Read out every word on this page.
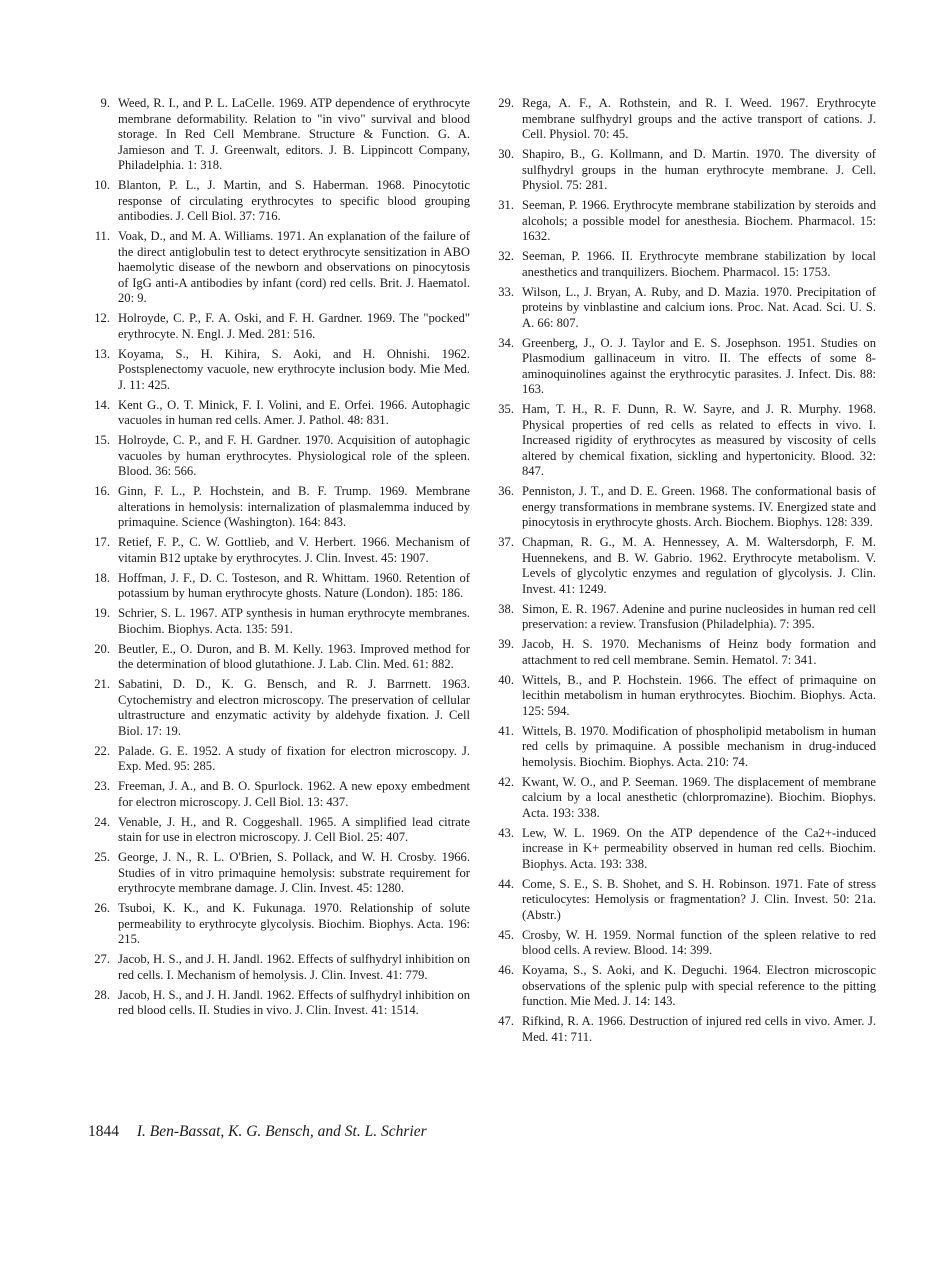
9. Weed, R. I., and P. L. LaCelle. 1969. ATP dependence of erythrocyte membrane deformability. Relation to "in vivo" survival and blood storage. In Red Cell Membrane. Structure & Function. G. A. Jamieson and T. J. Greenwalt, editors. J. B. Lippincott Company, Philadelphia. 1: 318.
10. Blanton, P. L., J. Martin, and S. Haberman. 1968. Pinocytotic response of circulating erythrocytes to specific blood grouping antibodies. J. Cell Biol. 37: 716.
11. Voak, D., and M. A. Williams. 1971. An explanation of the failure of the direct antiglobulin test to detect erythrocyte sensitization in ABO haemolytic disease of the newborn and observations on pinocytosis of IgG anti-A antibodies by infant (cord) red cells. Brit. J. Haematol. 20: 9.
12. Holroyde, C. P., F. A. Oski, and F. H. Gardner. 1969. The "pocked" erythrocyte. N. Engl. J. Med. 281: 516.
13. Koyama, S., H. Kihira, S. Aoki, and H. Ohnishi. 1962. Postsplenectomy vacuole, new erythrocyte inclusion body. Mie Med. J. 11: 425.
14. Kent G., O. T. Minick, F. I. Volini, and E. Orfei. 1966. Autophagic vacuoles in human red cells. Amer. J. Pathol. 48: 831.
15. Holroyde, C. P., and F. H. Gardner. 1970. Acquisition of autophagic vacuoles by human erythrocytes. Physiological role of the spleen. Blood. 36: 566.
16. Ginn, F. L., P. Hochstein, and B. F. Trump. 1969. Membrane alterations in hemolysis: internalization of plasmalemma induced by primaquine. Science (Washington). 164: 843.
17. Retief, F. P., C. W. Gottlieb, and V. Herbert. 1966. Mechanism of vitamin B12 uptake by erythrocytes. J. Clin. Invest. 45: 1907.
18. Hoffman, J. F., D. C. Tosteson, and R. Whittam. 1960. Retention of potassium by human erythrocyte ghosts. Nature (London). 185: 186.
19. Schrier, S. L. 1967. ATP synthesis in human erythrocyte membranes. Biochim. Biophys. Acta. 135: 591.
20. Beutler, E., O. Duron, and B. M. Kelly. 1963. Improved method for the determination of blood glutathione. J. Lab. Clin. Med. 61: 882.
21. Sabatini, D. D., K. G. Bensch, and R. J. Barrnett. 1963. Cytochemistry and electron microscopy. The preservation of cellular ultrastructure and enzymatic activity by aldehyde fixation. J. Cell Biol. 17: 19.
22. Palade. G. E. 1952. A study of fixation for electron microscopy. J. Exp. Med. 95: 285.
23. Freeman, J. A., and B. O. Spurlock. 1962. A new epoxy embedment for electron microscopy. J. Cell Biol. 13: 437.
24. Venable, J. H., and R. Coggeshall. 1965. A simplified lead citrate stain for use in electron microscopy. J. Cell Biol. 25: 407.
25. George, J. N., R. L. O'Brien, S. Pollack, and W. H. Crosby. 1966. Studies of in vitro primaquine hemolysis: substrate requirement for erythrocyte membrane damage. J. Clin. Invest. 45: 1280.
26. Tsuboi, K. K., and K. Fukunaga. 1970. Relationship of solute permeability to erythrocyte glycolysis. Biochim. Biophys. Acta. 196: 215.
27. Jacob, H. S., and J. H. Jandl. 1962. Effects of sulfhydryl inhibition on red cells. I. Mechanism of hemolysis. J. Clin. Invest. 41: 779.
28. Jacob, H. S., and J. H. Jandl. 1962. Effects of sulfhydryl inhibition on red blood cells. II. Studies in vivo. J. Clin. Invest. 41: 1514.
29. Rega, A. F., A. Rothstein, and R. I. Weed. 1967. Erythrocyte membrane sulfhydryl groups and the active transport of cations. J. Cell. Physiol. 70: 45.
30. Shapiro, B., G. Kollmann, and D. Martin. 1970. The diversity of sulfhydryl groups in the human erythrocyte membrane. J. Cell. Physiol. 75: 281.
31. Seeman, P. 1966. Erythrocyte membrane stabilization by steroids and alcohols; a possible model for anesthesia. Biochem. Pharmacol. 15: 1632.
32. Seeman, P. 1966. II. Erythrocyte membrane stabilization by local anesthetics and tranquilizers. Biochem. Pharmacol. 15: 1753.
33. Wilson, L., J. Bryan, A. Ruby, and D. Mazia. 1970. Precipitation of proteins by vinblastine and calcium ions. Proc. Nat. Acad. Sci. U. S. A. 66: 807.
34. Greenberg, J., O. J. Taylor and E. S. Josephson. 1951. Studies on Plasmodium gallinaceum in vitro. II. The effects of some 8-aminoquinolines against the erythrocytic parasites. J. Infect. Dis. 88: 163.
35. Ham, T. H., R. F. Dunn, R. W. Sayre, and J. R. Murphy. 1968. Physical properties of red cells as related to effects in vivo. I. Increased rigidity of erythrocytes as measured by viscosity of cells altered by chemical fixation, sickling and hypertonicity. Blood. 32: 847.
36. Penniston, J. T., and D. E. Green. 1968. The conformational basis of energy transformations in membrane systems. IV. Energized state and pinocytosis in erythrocyte ghosts. Arch. Biochem. Biophys. 128: 339.
37. Chapman, R. G., M. A. Hennessey, A. M. Waltersdorph, F. M. Huennekens, and B. W. Gabrio. 1962. Erythrocyte metabolism. V. Levels of glycolytic enzymes and regulation of glycolysis. J. Clin. Invest. 41: 1249.
38. Simon, E. R. 1967. Adenine and purine nucleosides in human red cell preservation: a review. Transfusion (Philadelphia). 7: 395.
39. Jacob, H. S. 1970. Mechanisms of Heinz body formation and attachment to red cell membrane. Semin. Hematol. 7: 341.
40. Wittels, B., and P. Hochstein. 1966. The effect of primaquine on lecithin metabolism in human erythrocytes. Biochim. Biophys. Acta. 125: 594.
41. Wittels, B. 1970. Modification of phospholipid metabolism in human red cells by primaquine. A possible mechanism in drug-induced hemolysis. Biochim. Biophys. Acta. 210: 74.
42. Kwant, W. O., and P. Seeman. 1969. The displacement of membrane calcium by a local anesthetic (chlorpromazine). Biochim. Biophys. Acta. 193: 338.
43. Lew, W. L. 1969. On the ATP dependence of the Ca2+-induced increase in K+ permeability observed in human red cells. Biochim. Biophys. Acta. 193: 338.
44. Come, S. E., S. B. Shohet, and S. H. Robinson. 1971. Fate of stress reticulocytes: Hemolysis or fragmentation? J. Clin. Invest. 50: 21a. (Abstr.)
45. Crosby, W. H. 1959. Normal function of the spleen relative to red blood cells. A review. Blood. 14: 399.
46. Koyama, S., S. Aoki, and K. Deguchi. 1964. Electron microscopic observations of the splenic pulp with special reference to the pitting function. Mie Med. J. 14: 143.
47. Rifkind, R. A. 1966. Destruction of injured red cells in vivo. Amer. J. Med. 41: 711.
1844 I. Ben-Bassat, K. G. Bensch, and St. L. Schrier
